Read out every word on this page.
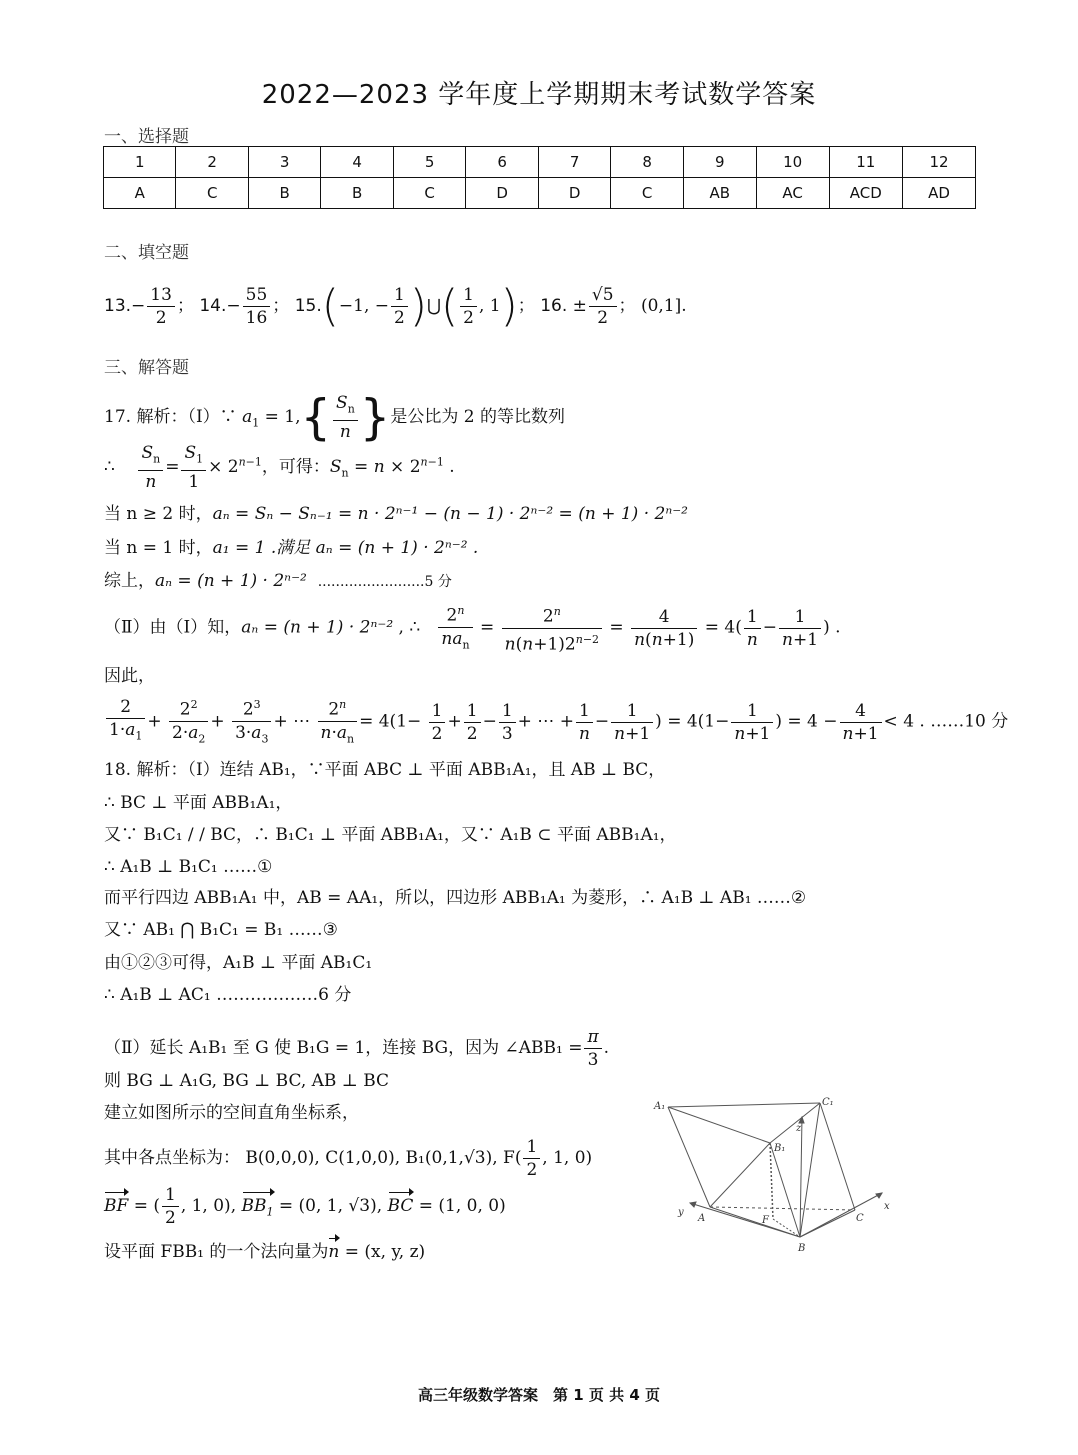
2022—2023 学年度上学期期末考试数学答案
一、选择题
1	2	3	4	5	6	7	8	9	10	11	12
A	C	B	B	C	D	D	C	AB	AC	ACD	AD
二、填空题
$13.- \frac{13}{2}$ ； $14.- \frac{55}{16}$ ； 15.(−1, − $\frac{1}{2}$ )⋃( $\frac{1}{2}$ , 1)； 16. ± $\frac{√5}{2}$ ； (0,1].
三、解答题
17. 解析：（Ⅰ）∵ $a_1 = 1,\{ \frac{S_n}{n}$ }是公比为 2 的等比数列
∴ $\frac{S_n}{n} = \frac{S_1}{1} \times 2^{n-1}$，可得：$S_n = n \times 2^{n-1}$ .
当 n ≥ 2 时，aₙ = Sₙ − Sₙ₋₁ = n · 2ⁿ⁻¹ − (n − 1) · 2ⁿ⁻² = (n + 1) · 2ⁿ⁻²
当 n = 1 时，a₁ = 1 .满足 aₙ = (n + 1) · 2ⁿ⁻² .
综上，aₙ = (n + 1) · 2ⁿ⁻² ........................5 分
（Ⅱ）由（Ⅰ）知，aₙ = (n + 1) · 2ⁿ⁻² , ∴ $\frac{2^n}{na_n} = \frac{2^n}{n(n+1)2^{n-2}} = \frac{4}{n(n+1)} = 4( \frac{1}{n} - \frac{1}{n+1}$ ) .
因此，
$\frac{2}{1\cdot a_1} + \frac{2^2}{2\cdot a_2} + \frac{2^3}{3\cdot a_3}$ + ⋯ $\frac{2^n}{n\cdot a_n} = 4(1- \frac{1}{2} + \frac{1}{2} - \frac{1}{3}$ + ⋯ + $\frac{1}{n} - \frac{1}{n+1}$ ) = $4(1- \frac{1}{n+1}$ ) = $4 - \frac{4}{n+1} < 4$ . ……10 分
18. 解析：（Ⅰ）连结 AB₁，∵平面 ABC ⊥ 平面 ABB₁A₁，且 AB ⊥ BC，
∴ BC ⊥ 平面 ABB₁A₁，
又∵ B₁C₁ / / BC，∴ B₁C₁ ⊥ 平面 ABB₁A₁，又∵ A₁B ⊂ 平面 ABB₁A₁，
∴ A₁B ⊥ B₁C₁ ……①
而平行四边 ABB₁A₁ 中，AB = AA₁，所以，四边形 ABB₁A₁ 为菱形，∴ A₁B ⊥ AB₁ ……②
又∵ AB₁ ⋂ B₁C₁ = B₁ ……③
由①②③可得，A₁B ⊥ 平面 AB₁C₁
∴ A₁B ⊥ AC₁ ………………6 分
（Ⅱ）延长 A₁B₁ 至 G 使 B₁G = 1，连接 BG，因为 ∠ABB₁ = $\frac{\pi}{3}$ .
则 BG ⊥ A₁G, BG ⊥ BC, AB ⊥ BC
建立如图所示的空间直角坐标系，
其中各点坐标为： B(0,0,0), C(1,0,0), B₁(0,1,√3), $F( \frac{1}{2}$ , 1, 0)
BF = ( $\frac{1}{2}$ , 1, 0), $BB_1 = (0$, 1, √3), BC = (1, 0, 0)
设平面 FBB₁ 的一个法向量为n = (x, y, z)
A₁	C₁
z
B₁
y
A	F	C
x
B
高三年级数学答案　第 1 页 共 4 页
